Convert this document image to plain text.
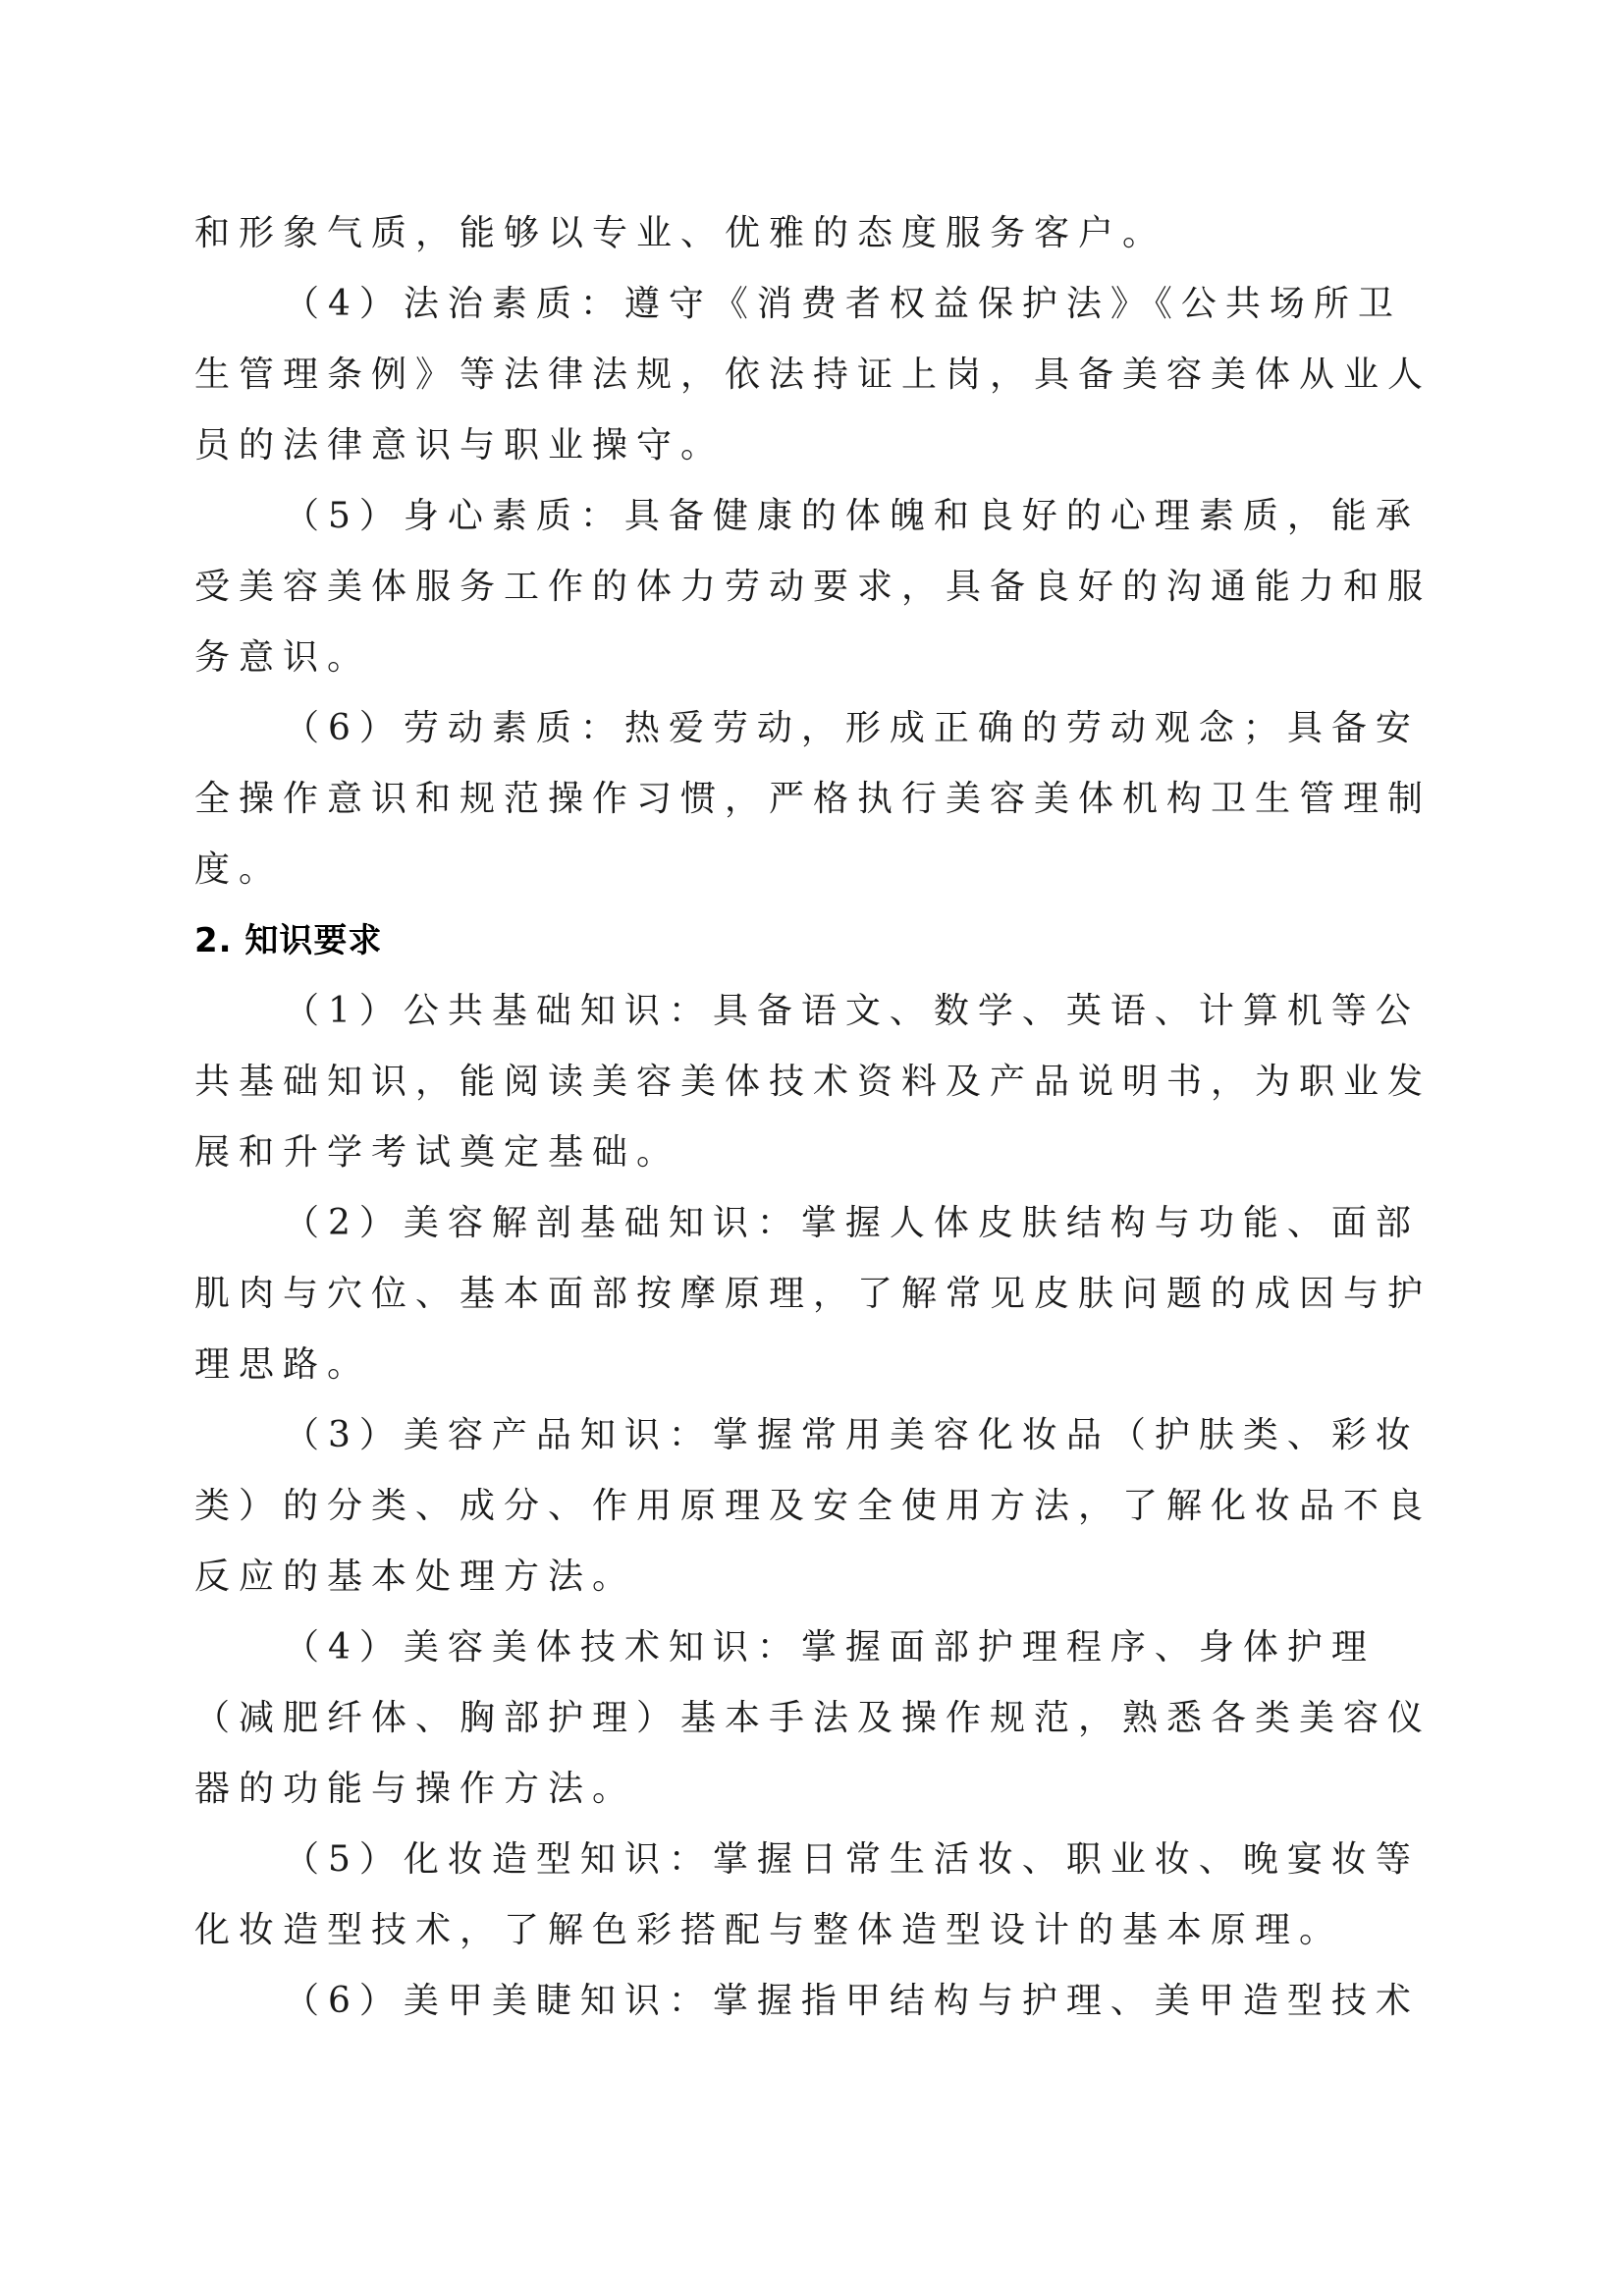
和形象气质，能够以专业、优雅的态度服务客户。
（4）法治素质：遵守《消费者权益保护法》《公共场所卫
生管理条例》等法律法规，依法持证上岗，具备美容美体从业人
员的法律意识与职业操守。
（5）身心素质：具备健康的体魄和良好的心理素质，能承
受美容美体服务工作的体力劳动要求，具备良好的沟通能力和服
务意识。
（6）劳动素质：热爱劳动，形成正确的劳动观念；具备安
全操作意识和规范操作习惯，严格执行美容美体机构卫生管理制
度。
2. 知识要求
（1）公共基础知识：具备语文、数学、英语、计算机等公
共基础知识，能阅读美容美体技术资料及产品说明书，为职业发
展和升学考试奠定基础。
（2）美容解剖基础知识：掌握人体皮肤结构与功能、面部
肌肉与穴位、基本面部按摩原理，了解常见皮肤问题的成因与护
理思路。
（3）美容产品知识：掌握常用美容化妆品（护肤类、彩妆
类）的分类、成分、作用原理及安全使用方法，了解化妆品不良
反应的基本处理方法。
（4）美容美体技术知识：掌握面部护理程序、身体护理
（减肥纤体、胸部护理）基本手法及操作规范，熟悉各类美容仪
器的功能与操作方法。
（5）化妆造型知识：掌握日常生活妆、职业妆、晚宴妆等
化妆造型技术，了解色彩搭配与整体造型设计的基本原理。
（6）美甲美睫知识：掌握指甲结构与护理、美甲造型技术
